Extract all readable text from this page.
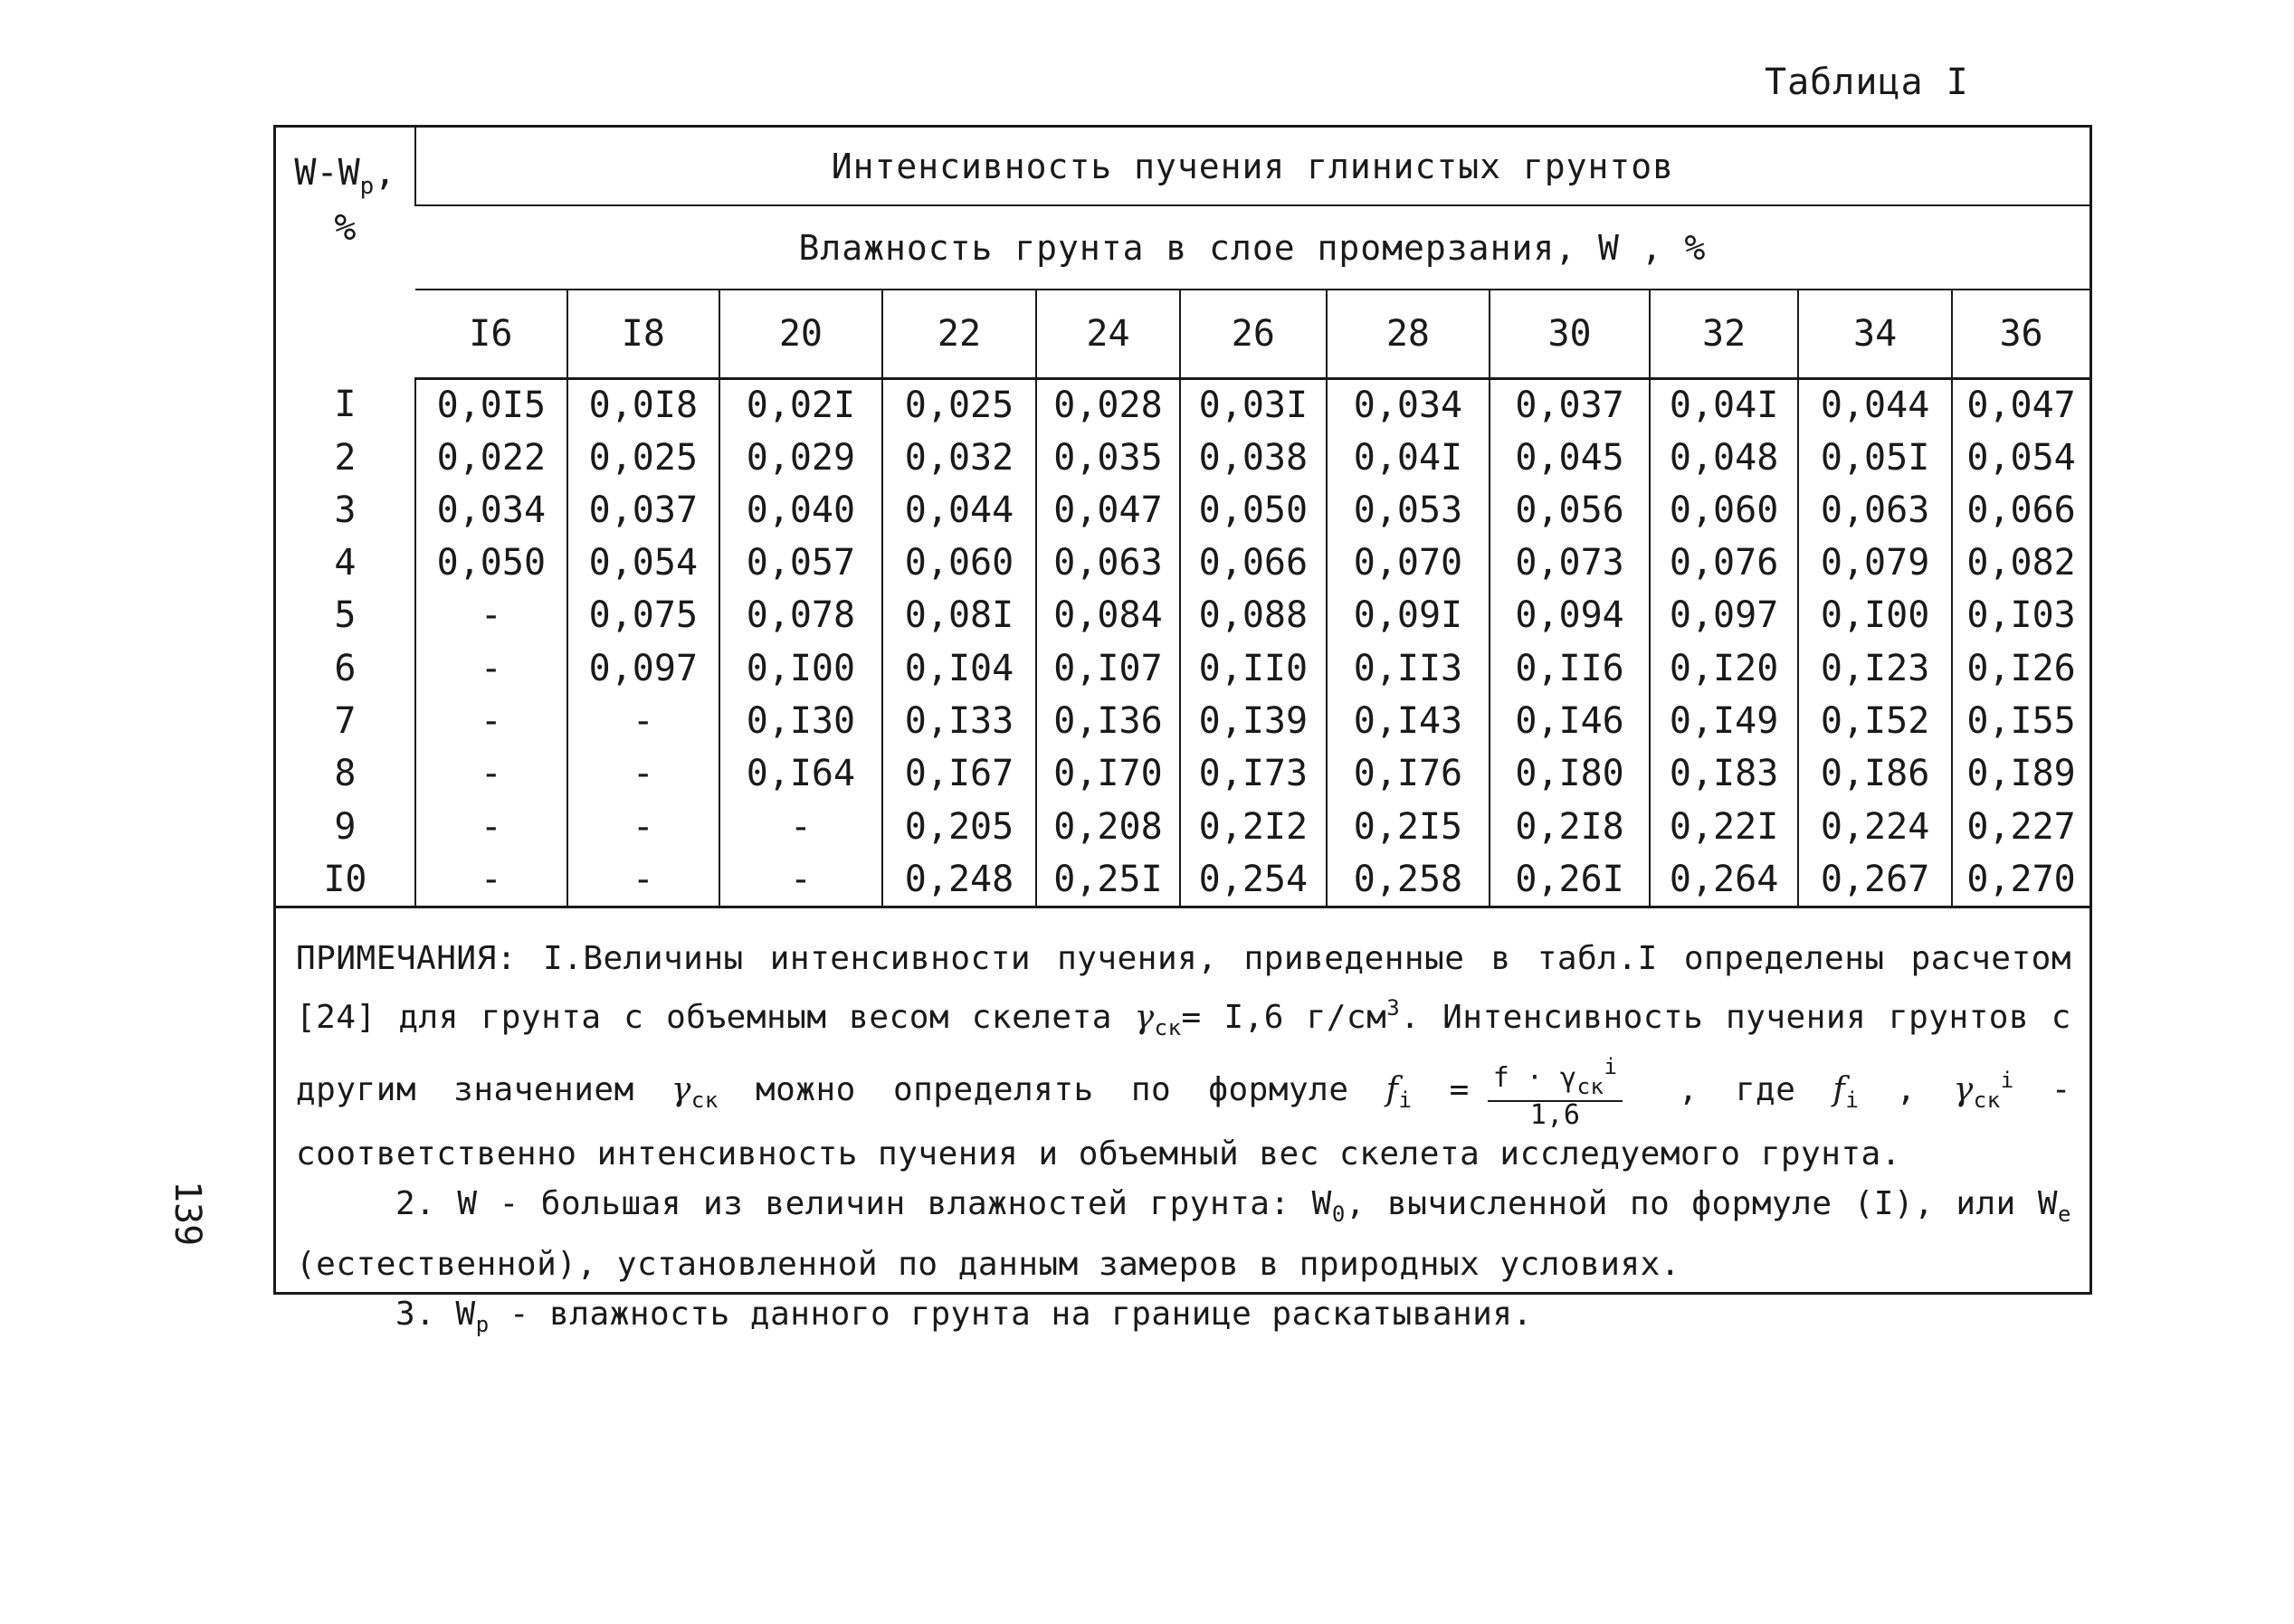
Таблица I
139
$W-W_p$,
%	Интенсивность пучения глинистых грунтов										
	Влажность грунта в слое промерзания, W , %										
	I6	I8	20	22	24	26	28	30	32	34	36
I	0,0I5	0,0I8	0,02I	0,025	0,028	0,03I	0,034	0,037	0,04I	0,044	0,047
2	0,022	0,025	0,029	0,032	0,035	0,038	0,04I	0,045	0,048	0,05I	0,054
3	0,034	0,037	0,040	0,044	0,047	0,050	0,053	0,056	0,060	0,063	0,066
4	0,050	0,054	0,057	0,060	0,063	0,066	0,070	0,073	0,076	0,079	0,082
5	-	0,075	0,078	0,08I	0,084	0,088	0,09I	0,094	0,097	0,I00	0,I03
6	-	0,097	0,I00	0,I04	0,I07	0,II0	0,II3	0,II6	0,I20	0,I23	0,I26
7	-	-	0,I30	0,I33	0,I36	0,I39	0,I43	0,I46	0,I49	0,I52	0,I55
8	-	-	0,I64	0,I67	0,I70	0,I73	0,I76	0,I80	0,I83	0,I86	0,I89
9	-	-	-	0,205	0,208	0,2I2	0,2I5	0,2I8	0,22I	0,224	0,227
I0	-	-	-	0,248	0,25I	0,254	0,258	0,26I	0,264	0,267	0,270

ПРИМЕЧАНИЯ: I.Величины интенсивности пучения, приведенные в табл.I определены расчетом [24] для грунта с объемным весом скелета $\gamma_{ск}= I,6$ $г/см^3$. Интенсивность пучения грунтов с другим значением $\gamma_{ск}$ можно определять по формуле $f_i = f \cdot \gamma_{ск}^i$
1,6
, где $f_i$ , $\gamma_{ск}^i$ - соответственно интенсивность пучения и объемный вес скелета исследуемого грунта.

2. W - большая из величин влажностей грунта: $W_0$, вычисленной по формуле (I), или $W_e$ (естественной), установленной по данным замеров в природных условиях.

3. $W_p$ - влажность данного грунта на границе раскатывания.
